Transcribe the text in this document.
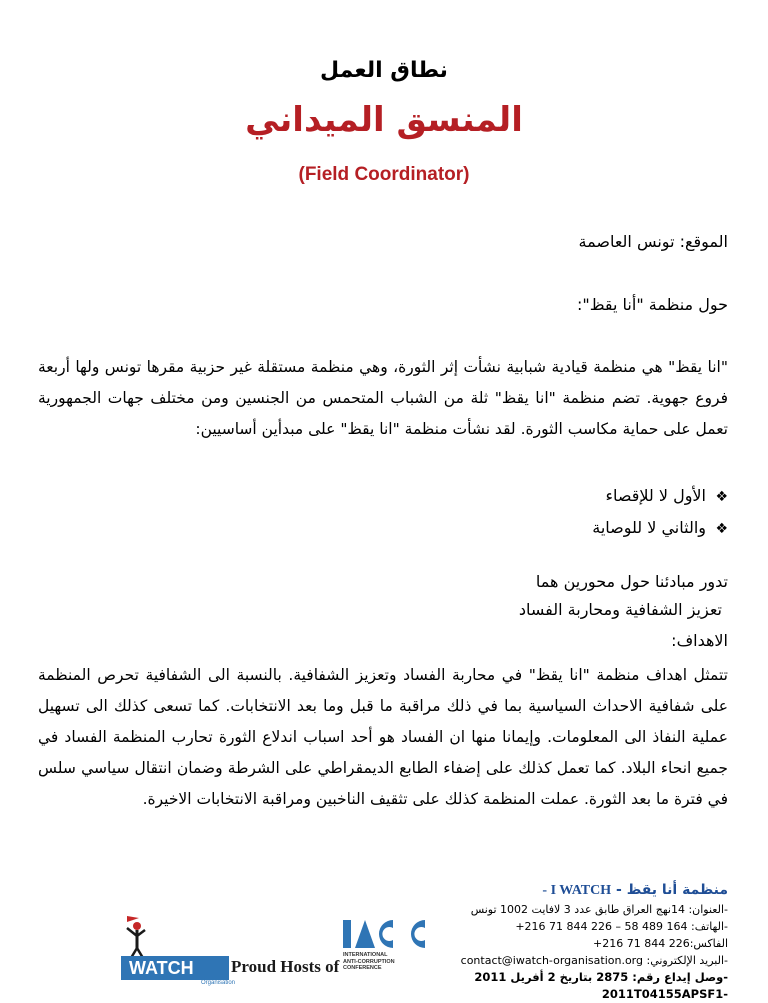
نطاق العمل
المنسق الميداني
(Field Coordinator)
الموقع: تونس العاصمة
حول منظمة "أنا يقظ":
"انا يقظ" هي منظمة قيادية شبابية نشأت إثر الثورة، وهي منظمة مستقلة غير حزبية مقرها تونس ولها أربعة فروع جهوية. تضم منظمة "انا يقظ" ثلة من الشباب المتحمس من الجنسين ومن مختلف جهات الجمهورية تعمل على حماية مكاسب الثورة. لقد نشأت منظمة "انا يقظ" على مبدأين أساسيين:
❖الأول لا للإقصاء
❖والثاني لا للوصاية
تدور مبادئنا حول محورين هما
تعزيز الشفافية ومحاربة الفساد
الاهداف:
تتمثل اهداف منظمة "انا يقظ" في محاربة الفساد وتعزيز الشفافية. بالنسبة الى الشفافية تحرص المنظمة على شفافية الاحداث السياسية بما في ذلك مراقبة ما قبل وما بعد الانتخابات. كما تسعى كذلك الى تسهيل عملية النفاذ الى المعلومات. وإيمانا منها ان الفساد هو أحد اسباب اندلاع الثورة تحارب المنظمة الفساد في جميع انحاء البلاد. كما تعمل كذلك على إضفاء الطابع الديمقراطي على الشرطة وضمان انتقال سياسي سلس في فترة ما بعد الثورة. عملت المنظمة كذلك على تثقيف الناخبين ومراقبة الانتخابات الاخيرة.
WATCH
Organisation
Proud Hosts of
INTERNATIONAL
ANTI-CORRUPTION
CONFERENCE
منظمة أنا يقظ - I WATCH -
-العنوان: 14نهج العراق طابق عدد 3 لافايت 1002 تونس
-الهاتف: 164 489 58 – 226 844 71 216+
الفاكس:226 844 71 216+
-البريد الإلكتروني: contact@iwatch-organisation.org
-وصل إيداع رقم: 2875 بتاريخ 2 أفريل 2011 -2011T04155APSF1
